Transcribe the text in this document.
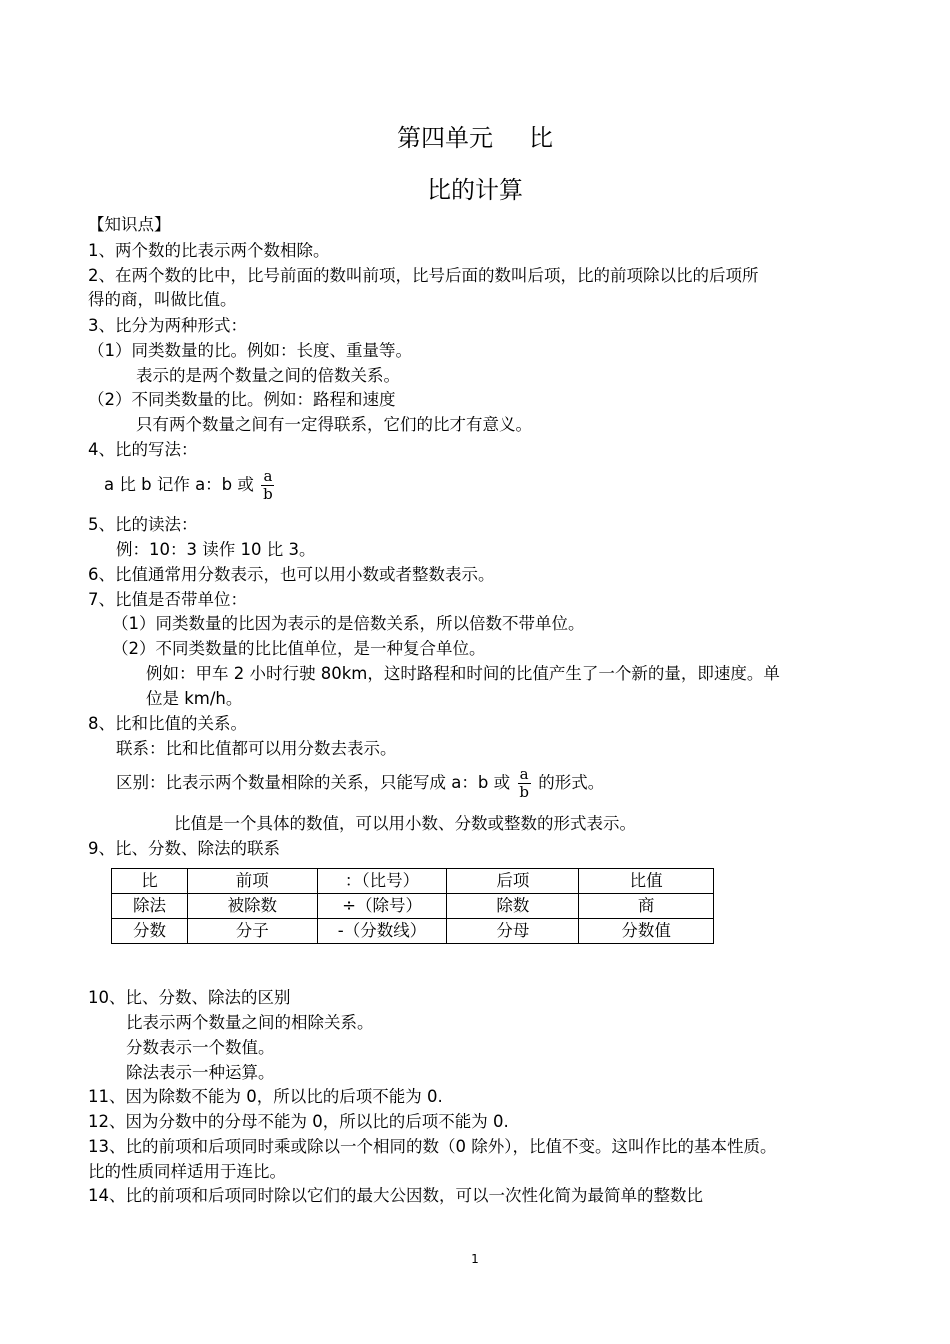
第四单元 比
比的计算
【知识点】
1、两个数的比表示两个数相除。
2、在两个数的比中，比号前面的数叫前项，比号后面的数叫后项，比的前项除以比的后项所
得的商，叫做比值。
3、比分为两种形式：
（1）同类数量的比。例如：长度、重量等。
表示的是两个数量之间的倍数关系。
（2）不同类数量的比。例如：路程和速度
只有两个数量之间有一定得联系，它们的比才有意义。
4、比的写法：
a 比 b 记作 a：b 或 $\frac{a}{b}$
5、比的读法：
例：10：3 读作 10 比 3。
6、比值通常用分数表示，也可以用小数或者整数表示。
7、比值是否带单位：
（1）同类数量的比因为表示的是倍数关系，所以倍数不带单位。
（2）不同类数量的比比值单位，是一种复合单位。
例如：甲车 2 小时行驶 80km，这时路程和时间的比值产生了一个新的量，即速度。单
位是 km/h。
8、比和比值的关系。
联系：比和比值都可以用分数去表示。
区别：比表示两个数量相除的关系，只能写成 a：b 或 $\frac{a}{b}$ 的形式。
比值是一个具体的数值，可以用小数、分数或整数的形式表示。
9、比、分数、除法的联系
比	前项	：（比号）	后项	比值
除法	被除数	÷（除号）	除数	商
分数	分子	-（分数线）	分母	分数值
10、比、分数、除法的区别
比表示两个数量之间的相除关系。
分数表示一个数值。
除法表示一种运算。
11、因为除数不能为 0，所以比的后项不能为 0.
12、因为分数中的分母不能为 0，所以比的后项不能为 0.
13、比的前项和后项同时乘或除以一个相同的数（0 除外），比值不变。这叫作比的基本性质。
比的性质同样适用于连比。
14、比的前项和后项同时除以它们的最大公因数，可以一次性化简为最简单的整数比
1
